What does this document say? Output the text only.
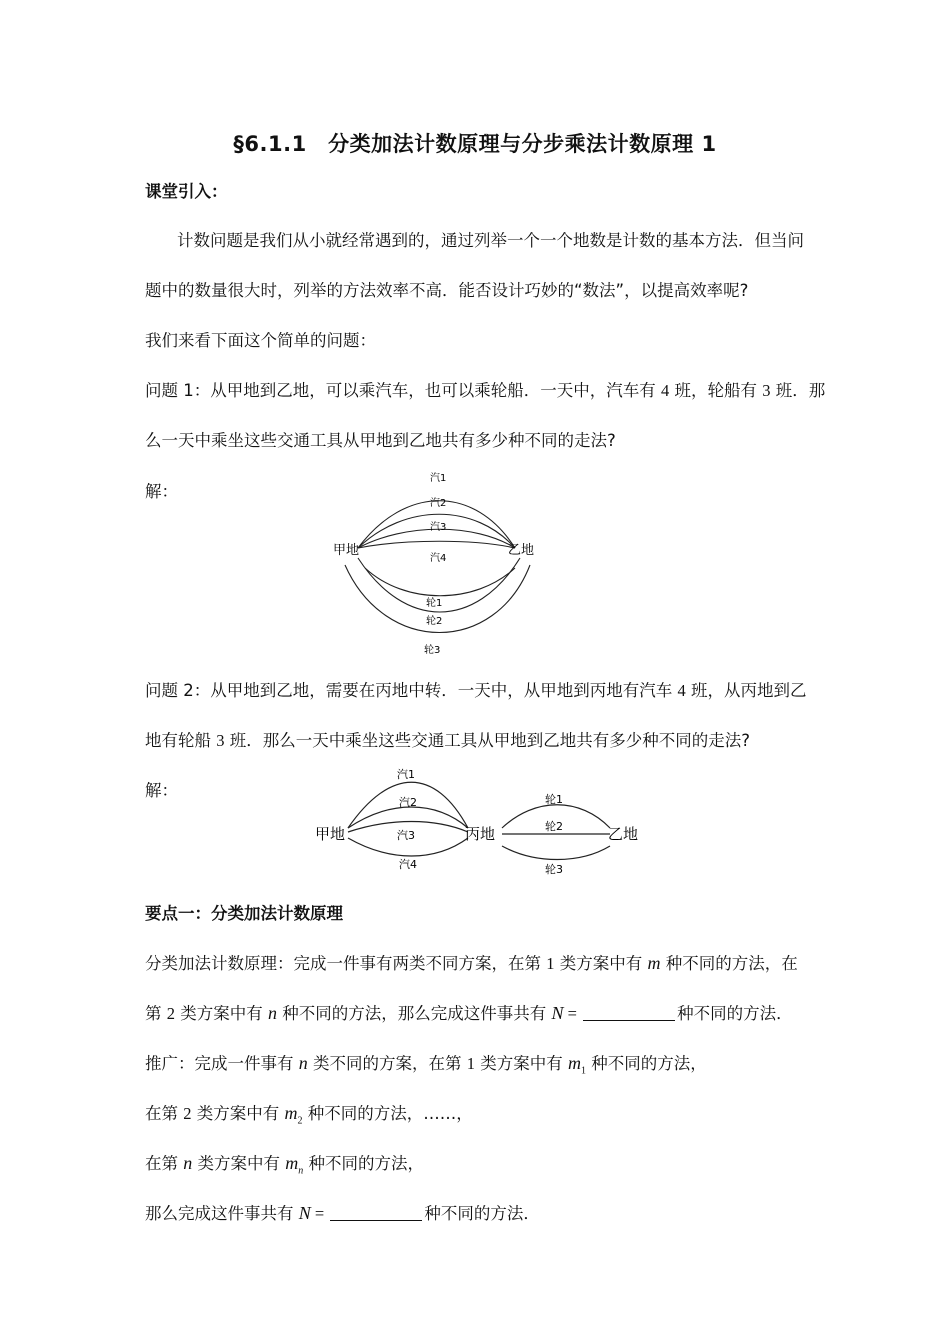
§6.1.1　分类加法计数原理与分步乘法计数原理 1
课堂引入：
计数问题是我们从小就经常遇到的，通过列举一个一个地数是计数的基本方法．但当问
题中的数量很大时，列举的方法效率不高．能否设计巧妙的“数法”，以提高效率呢?
我们来看下面这个简单的问题：
问题 1：从甲地到乙地，可以乘汽车，也可以乘轮船．一天中，汽车有 4 班，轮船有 3 班．那
么一天中乘坐这些交通工具从甲地到乙地共有多少种不同的走法?
解：
甲地	乙地
汽1
汽2
汽3
汽4
轮1
轮2
轮3
问题 2：从甲地到乙地，需要在丙地中转．一天中，从甲地到丙地有汽车 4 班，从丙地到乙
地有轮船 3 班．那么一天中乘坐这些交通工具从甲地到乙地共有多少种不同的走法?
解：
甲地	丙地	乙地
汽1
汽2
汽3
汽4
轮1
轮2
轮3
要点一：分类加法计数原理
分类加法计数原理：完成一件事有两类不同方案，在第 1 类方案中有 m 种不同的方法，在
第 2 类方案中有 n 种不同的方法，那么完成这件事共有 N =	种不同的方法．
推广：完成一件事有 n 类不同的方案，在第 1 类方案中有 $m_1$ 种不同的方法，
在第 2 类方案中有 $m_2$ 种不同的方法，……，
在第 n 类方案中有 $m_n$ 种不同的方法，
那么完成这件事共有 N =	种不同的方法．
